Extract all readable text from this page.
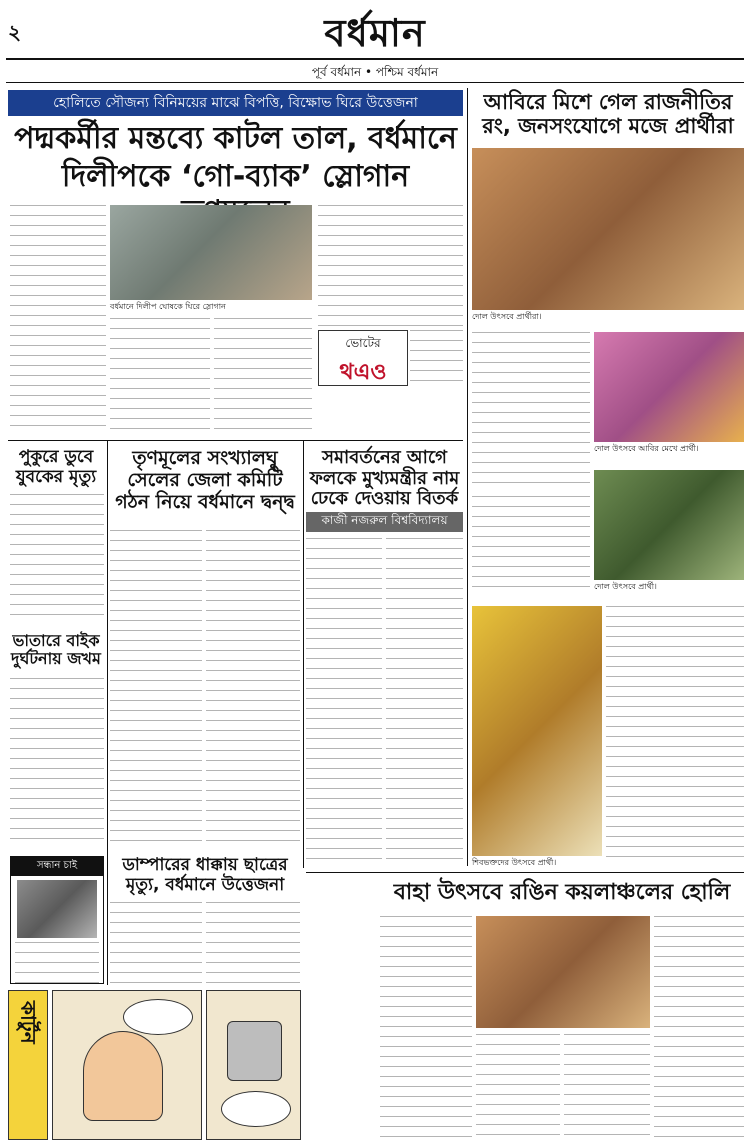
২	বর্ধমান
পূর্ব বর্ধমান • পশ্চিম বর্ধমান
হোলিতে সৌজন্য বিনিময়ের মাঝে বিপত্তি, বিক্ষোভ ঘিরে উত্তেজনা
পদ্মকর্মীর মন্তব্যে কাটল তাল, বর্ধমানে
দিলীপকে ‘গো-ব্যাক’ স্লোগান
বর্ধমানে দিলীপ ঘোষকে ঘিরে স্লোগান
ভোটের
থএও
আবিরে মিশে গেল রাজনীতির রং, জনসংযোগে মজে প্রার্থীরা
দোল উৎসবে প্রার্থীরা।
দোল উৎসবে আবির মেখে প্রার্থী।
দোল উৎসবে প্রার্থী।
শিবভক্তদের উৎসবে প্রার্থী।
পুকুরে ডুবে যুবকের মৃত্যু
ভাতারে বাইক দুর্ঘটনায় জখম
তৃণমূলের সংখ্যালঘু সেলের জেলা কমিটি গঠন নিয়ে বর্ধমানে দ্বন্দ্ব
সমাবর্তনের আগে ফলকে মুখ্যমন্ত্রীর নাম ঢেকে দেওয়ায় বিতর্ক
কাজী নজরুল বিশ্ববিদ্যালয়
ডাম্পারের ধাক্কায় ছাত্রের মৃত্যু, বর্ধমানে উত্তেজনা
সন্ধান চাই
বাহা উৎসবে রঙিন কয়লাঞ্চলের হোলি
কার্টুন
